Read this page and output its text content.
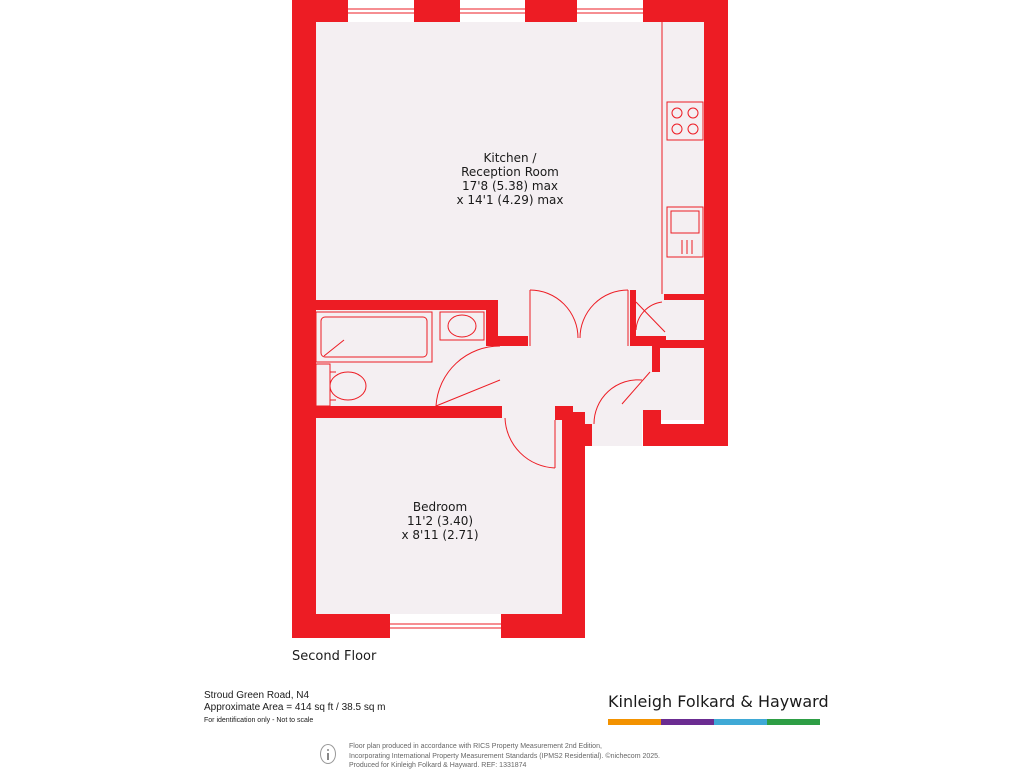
Kitchen /
Reception Room
17'8 (5.38) max
x 14'1 (4.29) max
Bedroom
11'2 (3.40)
x 8'11 (2.71)
Second Floor
Stroud Green Road, N4
Approximate Area = 414 sq ft / 38.5 sq m
For identification only - Not to scale
Kinleigh Folkard & Hayward
Floor plan produced in accordance with RICS Property Measurement 2nd Edition,
Incorporating International Property Measurement Standards (IPMS2 Residential). ©nichecom 2025.
Produced for Kinleigh Folkard & Hayward. REF: 1331874
